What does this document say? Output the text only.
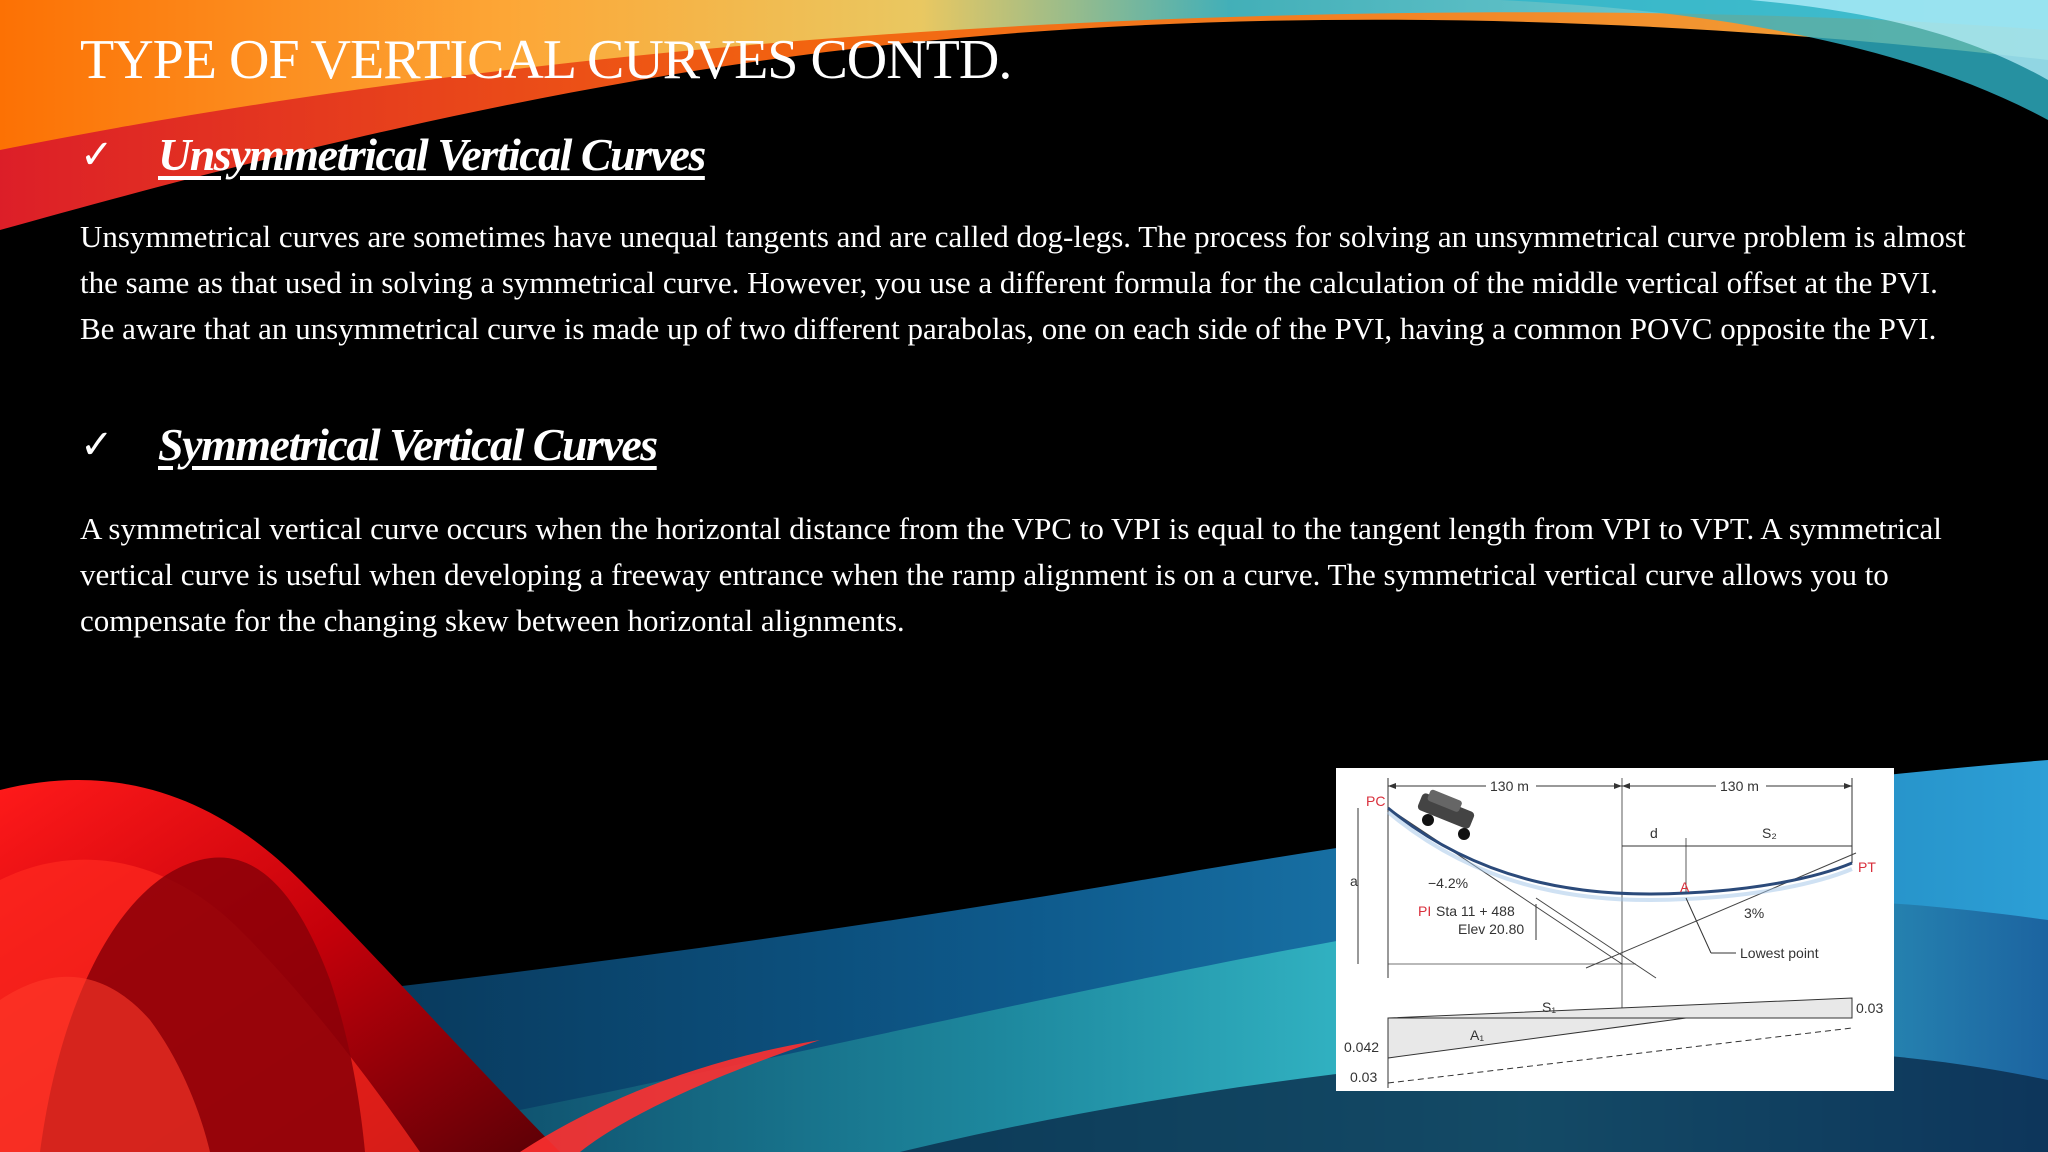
TYPE OF VERTICAL CURVES CONTD.
✓ Unsymmetrical Vertical Curves
Unsymmetrical curves are sometimes have unequal tangents and are called dog-legs. The process for solving an unsymmetrical curve problem is almost the same as that used in solving a symmetrical curve. However, you use a different formula for the calculation of the middle vertical offset at the PVI. Be aware that an unsymmetrical curve is made up of two different parabolas, one on each side of the PVI, having a common POVC opposite the PVI.
✓ Symmetrical Vertical Curves
A symmetrical vertical curve occurs when the horizontal distance from the VPC to VPI is equal to the tangent length from VPI to VPT. A symmetrical vertical curve is useful when developing a freeway entrance when the ramp alignment is on a curve. The symmetrical vertical curve allows you to compensate for the changing skew between horizontal alignments.
130 m	130 m
d	S₂
a
PC
PT
A
−4.2%
3%
PI Sta 11 + 488
Elev 20.80
Lowest point
S₁
A₁
0.042
0.03
0.03
